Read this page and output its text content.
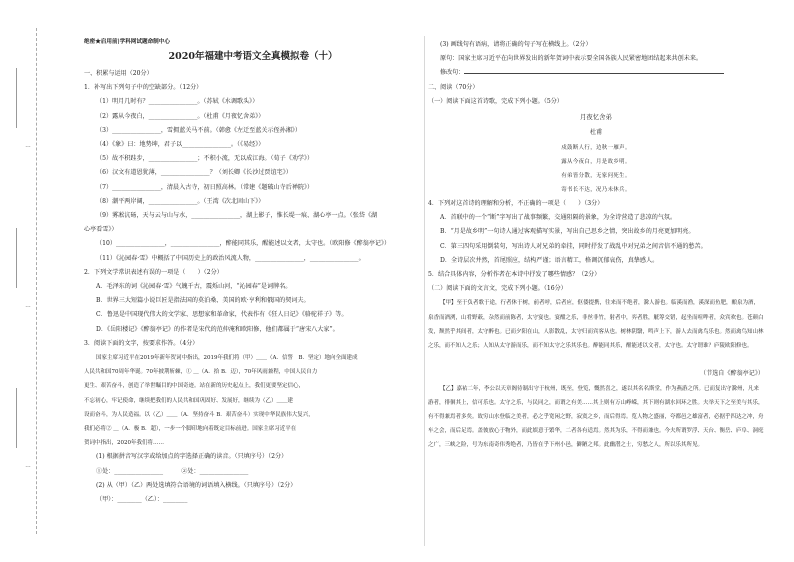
…
…
…

绝密★启用前|学科网试题命制中心

2020年福建中考语文全真模拟卷（十）

一、积累与运用（20分）

1．补写出下列句子中的空缺部分。（12分）

（1）明月几时有？________________。（苏轼《水调歌头》）

（2）露从今夜白，________________。（杜甫《月夜忆舍弟》）

（3）________________，雪拥蓝关马不前。（韩愈《左迁至蓝关示侄孙湘》）

（4）《象》曰：地势坤，君子以________________。（《易经》）

（5）故不积跬步，________________；不积小流，无以成江海。（荀子《劝学》）

（6）汉文有道恩犹薄，________________？（刘长卿《长沙过贾谊宅》）

（7）________________，清晨入古寺，初日照高林。（常建《题破山寺后禅院》）

（8）潮平两岸阔，________________。（王湾《次北固山下》）

（9）雾凇沆砀，天与云与山与水，________________，湖上影子，惟长堤一痕、湖心亭一点。（张岱《湖

心亭看雪》）

（10）________________，________________，醉能同其乐，醒能述以文者，太守也。（欧阳修《醉翁亭记》）

（11）《沁园春·雪》中概括了中国历史上的政治风流人物，________________，________________。

2．下列文学常识表述有误的一项是（　　）（2分）

A．毛泽东的词《沁园春·雪》气魄千古，震烁山河，“沁园春”是词牌名。

B．世界三大短篇小说巨匠是指法国的莫泊桑、美国的欧·亨利和俄国的契诃夫。

C．鲁迅是中国现代伟大的文学家、思想家和革命家，代表作有《狂人日记》《骆驼祥子》等。

D．《岳阳楼记》《醉翁亭记》的作者是宋代的范仲淹和欧阳修，他们都属于“唐宋八大家”。

3．阅读下面的文字，按要求作答。（4分）

国家主席习近平在2019年新年贺词中指出，2019年我们将（甲）＿＿（A．信誓　B．坚定）地向全面建成

人民共和国70周年华诞。70年披荆斩棘，① ＿（A．拾 B．迈），70年风雨兼程，中国人民自力

更生、艰苦奋斗，创造了举世瞩目的中国奇迹。站在新的历史起点上，我们更要坚定信心，

不忘初心，牢记使命，继续把我们的人民共和国巩固好、发展好，继续为（乙）＿＿建

设而奋斗，为人民造福。以（乙）＿＿（A．坚持奋斗 B．艰苦奋斗）实现中华民族伟大复兴，

我们必将② ＿（A．极 B．超），一步一个脚印地向着既定目标前进。国家主席习近平在

贺词中指出，2020年我们将……

(1) 根据拼音写汉字或给加点的字选择正确的读音。（只填序号）（2分）

①处：________________　　　②处：________________

(2) 从（甲）（乙）两处选填符合语境的词语填入横线。（只填序号）（2分）

（甲）：________（乙）：________

(3) 画线句有语病，请将正确的句子写在横线上。（2分）

原句：国家主席习近平在向世界发出的新年贺词中表示要全国各族人民紧密地团结起来共创未来。

修改句：

二、阅读（70分）

（一）阅读下面这首诗歌，完成下列小题。（5分）

月夜忆舍弟

杜甫

戍鼓断人行，边秋一雁声。

露从今夜白，月是故乡明。

有弟皆分散，无家问死生。

寄书长不达，况乃未休兵。

4．下列对这首诗的理解和分析，不正确的一项是（　　）（3分）

A．首联中的一个“断”字写出了战事频繁，交通阻隔的景象，为全诗营造了悲凉的气氛。

B．“月是故乡明”一句诗人通过客观描写实景，写出自己思乡之情，突出故乡的月亮更加明亮。

C．第三四句采用倒装句，写出诗人对兄弟的牵挂，同时抒发了战乱中对兄弟之间音信不通的愁苦。

D．全诗层次井然，首尾照应，结构严谨；语言精工，格调沉郁哀伤，真挚感人。

5．结合具体内容，分析作者在本诗中抒发了哪些情感？（2分）

（二）阅读下面的文言文，完成下列小题。（16分）

【甲】至于负者歌于途，行者休于树，前者呼，后者应，伛偻提携，往来而不绝者，滁人游也。临溪而渔，溪深而鱼肥，酿泉为酒，泉香而酒洌，山肴野蔌，杂然而前陈者，太守宴也。宴酣之乐，非丝非竹，射者中，弈者胜，觥筹交错，起坐而喧哗者，众宾欢也。苍颜白发，颓然乎其间者，太守醉也。已而夕阳在山，人影散乱，太守归而宾客从也。树林阴翳，鸣声上下，游人去而禽鸟乐也。然而禽鸟知山林之乐，而不知人之乐；人知从太守游而乐，而不知太守之乐其乐也。醉能同其乐，醒能述以文者，太守也。太守谓谁？庐陵欧阳修也。

（节选自《醉翁亭记》）

【乙】嘉祐二年，李公以天章阁待制出守于杭州，既至，登览，慨然喜之，遂以其名名斯堂，作为燕游之所。已而复出守滁州，凡来游者，徘徊其上，信可乐也。太守之乐，与民同之，而谓之有美……其上则有万山峥嵘，其下则有湖水回环之胜。夫举天下之至美与其乐，有不得兼焉者多矣。故穷山水登临之美者，必之乎宽闲之野，寂寞之乡，而后得焉。览人物之盛丽，夸都邑之雄富者，必据乎四达之冲，舟车之会，而后足焉。盖彼放心于物外，而此娱意于繁华，二者各有适焉。然其为乐，不得而兼也。今夫所谓罗浮、天台、衡岳、庐阜、洞庭之广，三峡之险，号为东南奇伟秀绝者，乃皆在乎下州小邑，僻陋之邦。此幽潜之士，穷愁之人，所以乐其所见。
